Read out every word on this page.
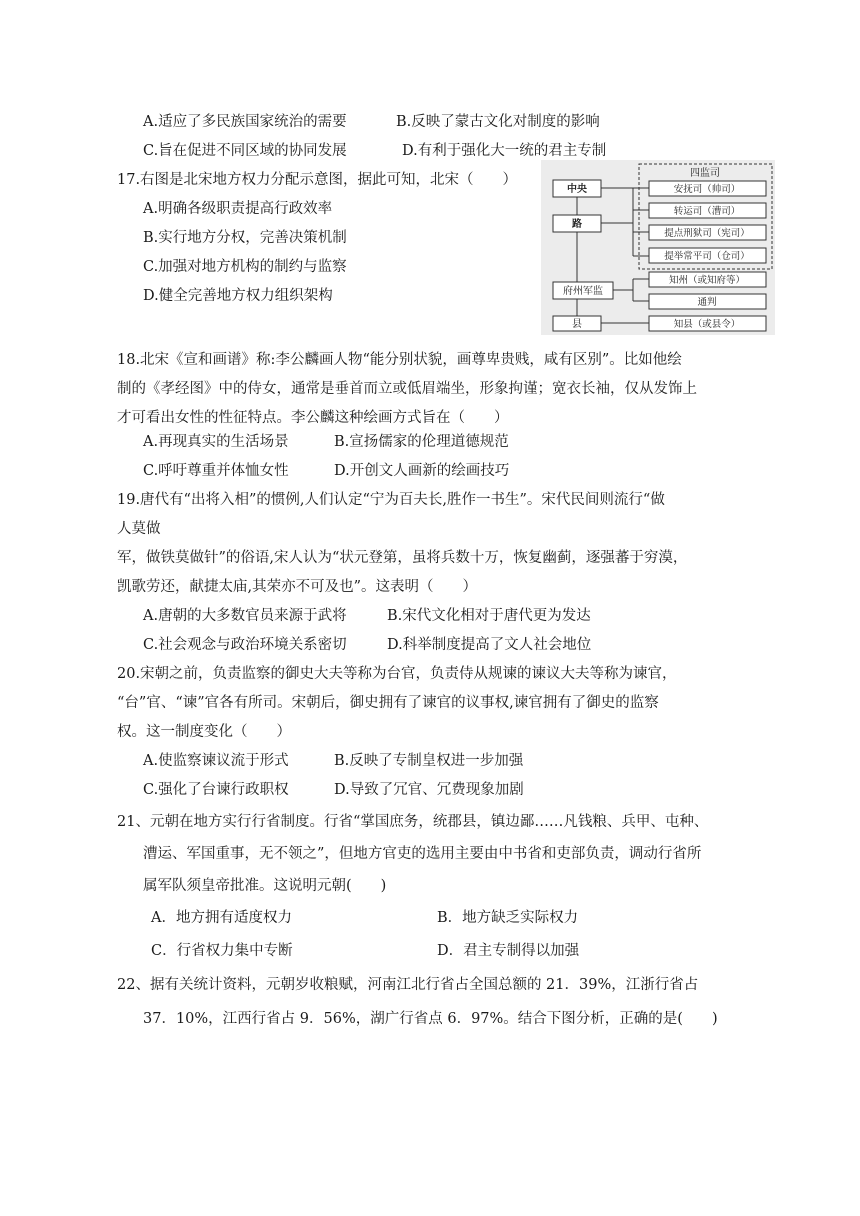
A.适应了多民族国家统治的需要	B.反映了蒙古文化对制度的影响
C.旨在促进不同区域的协同发展	D.有利于强化大一统的君主专制
17.右图是北宋地方权力分配示意图，据此可知，北宋（　　）
A.明确各级职责提高行政效率
B.实行地方分权，完善决策机制
C.加强对地方机构的制约与监察
D.健全完善地方权力组织架构
四监司
中央
路
府州军监
县
安抚司（帅司）
转运司（漕司）
提点刑狱司（宪司）
提举常平司（仓司）
知州（或知府等）
通判
知县（或县令）
18.北宋《宣和画谱》称:李公麟画人物“能分别状貌，画尊卑贵贱，咸有区别”。比如他绘
制的《孝经图》中的侍女，通常是垂首而立或低眉端坐，形象拘谨；宽衣长袖，仅从发饰上
才可看出女性的性征特点。李公麟这种绘画方式旨在（　　）
A.再现真实的生活场景	B.宣扬儒家的伦理道德规范
C.呼吁尊重并体恤女性	D.开创文人画新的绘画技巧
19.唐代有“出将入相”的惯例,人们认定“宁为百夫长,胜作一书生”。宋代民间则流行“做
人莫做
军，做铁莫做针”的俗语,宋人认为“状元登第，虽将兵数十万，恢复幽蓟，逐强蕃于穷漠，
凯歌劳还，献捷太庙,其荣亦不可及也”。这表明（　　）
A.唐朝的大多数官员来源于武将	B.宋代文化相对于唐代更为发达
C.社会观念与政治环境关系密切	D.科举制度提高了文人社会地位
20.宋朝之前，负责监察的御史大夫等称为台官，负责侍从规谏的谏议大夫等称为谏官，
“台”官、“谏”官各有所司。宋朝后，御史拥有了谏官的议事权,谏官拥有了御史的监察
权。这一制度变化（　　）
A.使监察谏议流于形式	B.反映了专制皇权进一步加强
C.强化了台谏行政职权	D.导致了冗官、冗费现象加剧
21、元朝在地方实行行省制度。行省“掌国庶务，统郡县，镇边鄙……凡钱粮、兵甲、屯种、
漕运、军国重事，无不领之”，但地方官吏的选用主要由中书省和吏部负责，调动行省所
属军队须皇帝批准。这说明元朝(　　)
A．地方拥有适度权力	B．地方缺乏实际权力
C．行省权力集中专断	D．君主专制得以加强
22、据有关统计资料，元朝岁收粮赋，河南江北行省占全国总额的 21．39%，江浙行省占
37．10%，江西行省占 9．56%，湖广行省点 6．97%。结合下图分析，正确的是(　　)
